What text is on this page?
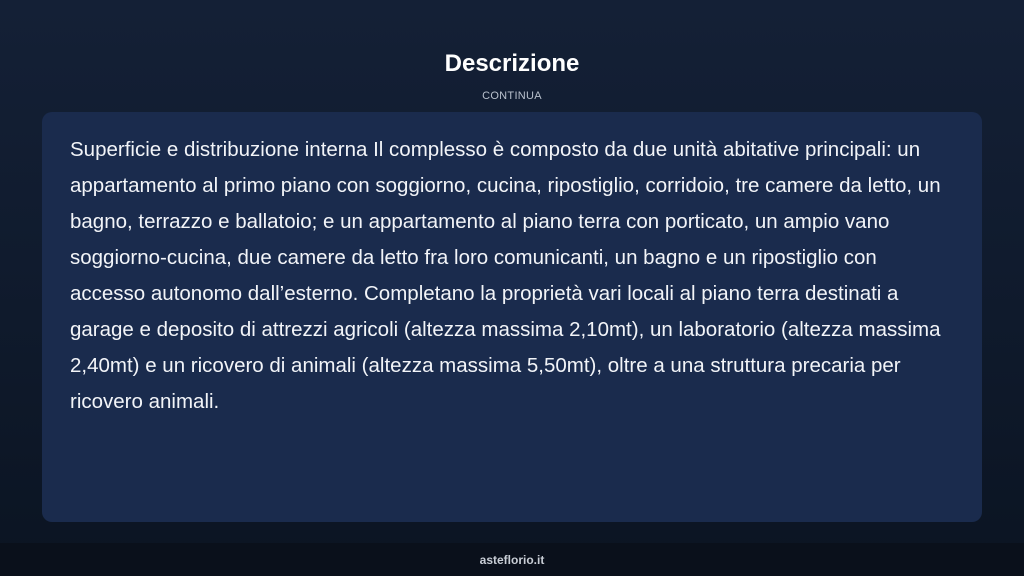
Descrizione
CONTINUA

Superficie e distribuzione interna Il complesso è composto da due unità abitative principali: un appartamento al primo piano con soggiorno, cucina, ripostiglio, corridoio, tre camere da letto, un bagno, terrazzo e ballatoio; e un appartamento al piano terra con porticato, un ampio vano soggiorno-cucina, due camere da letto fra loro comunicanti, un bagno e un ripostiglio con accesso autonomo dall’esterno. Completano la proprietà vari locali al piano terra destinati a garage e deposito di attrezzi agricoli (altezza massima 2,10mt), un laboratorio (altezza massima 2,40mt) e un ricovero di animali (altezza massima 5,50mt), oltre a una struttura precaria per ricovero animali.

asteflorio.it
